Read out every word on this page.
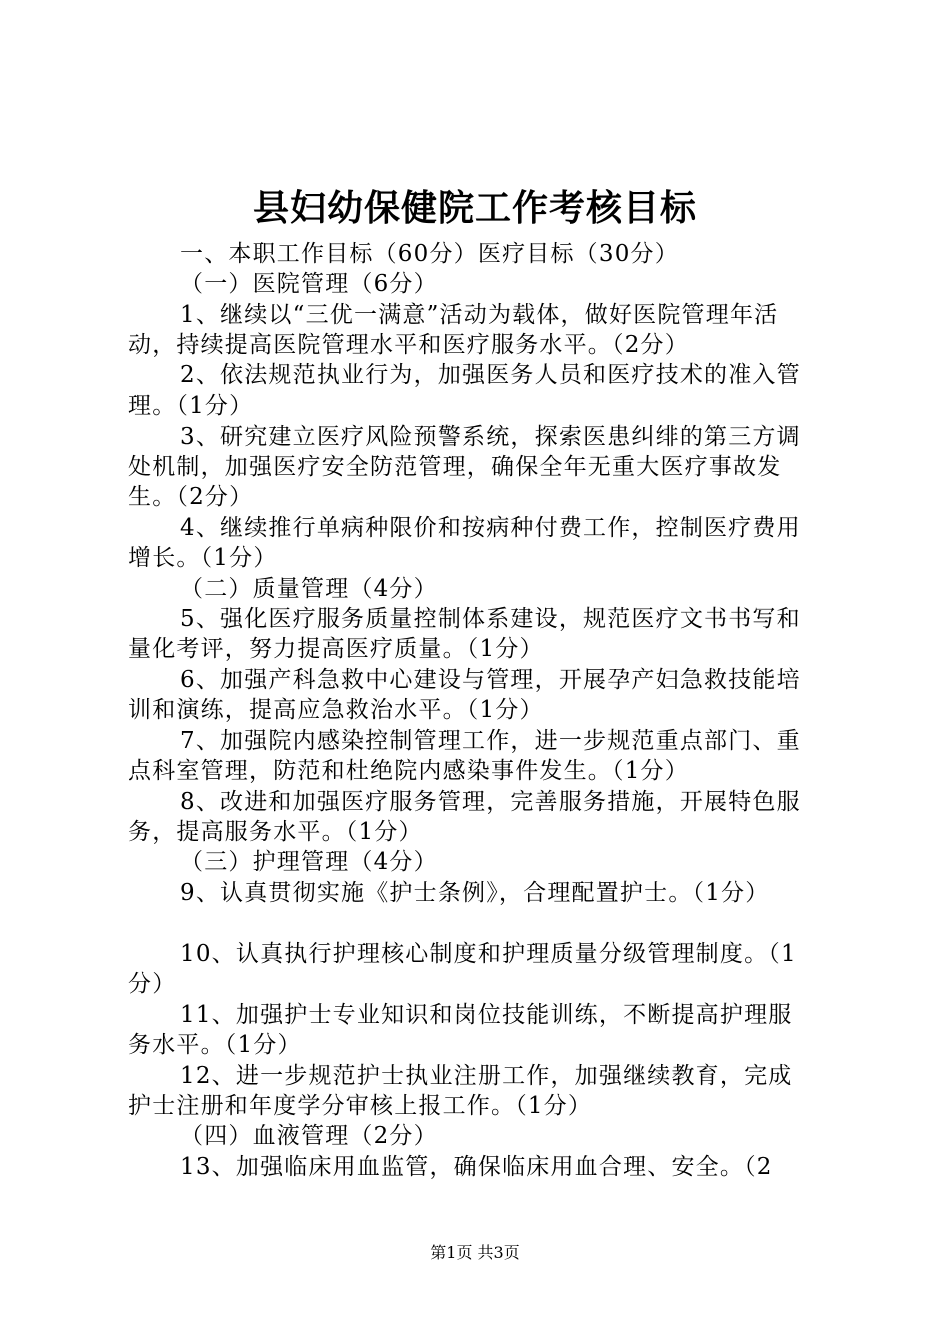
县妇幼保健院工作考核目标
一、本职工作目标（60分）医疗目标（30分）
（一）医院管理（6分）
1、继续以“三优一满意”活动为载体，做好医院管理年活
动，持续提高医院管理水平和医疗服务水平。（2分）
2、依法规范执业行为，加强医务人员和医疗技术的准入管
理。（1分）
3、研究建立医疗风险预警系统，探索医患纠绯的第三方调
处机制，加强医疗安全防范管理，确保全年无重大医疗事故发
生。（2分）
4、继续推行单病种限价和按病种付费工作，控制医疗费用
增长。（1分）
（二）质量管理（4分）
5、强化医疗服务质量控制体系建设，规范医疗文书书写和
量化考评，努力提高医疗质量。（1分）
6、加强产科急救中心建设与管理，开展孕产妇急救技能培
训和演练，提高应急救治水平。（1分）
7、加强院内感染控制管理工作，进一步规范重点部门、重
点科室管理，防范和杜绝院内感染事件发生。（1分）
8、改进和加强医疗服务管理，完善服务措施，开展特色服
务，提高服务水平。（1分）
（三）护理管理（4分）
9、认真贯彻实施《护士条例》，合理配置护士。（1分）
10、认真执行护理核心制度和护理质量分级管理制度。（1
分）
11、加强护士专业知识和岗位技能训练，不断提高护理服
务水平。（1分）
12、进一步规范护士执业注册工作，加强继续教育，完成
护士注册和年度学分审核上报工作。（1分）
（四）血液管理（2分）
13、加强临床用血监管，确保临床用血合理、安全。（2
第1页 共3页
